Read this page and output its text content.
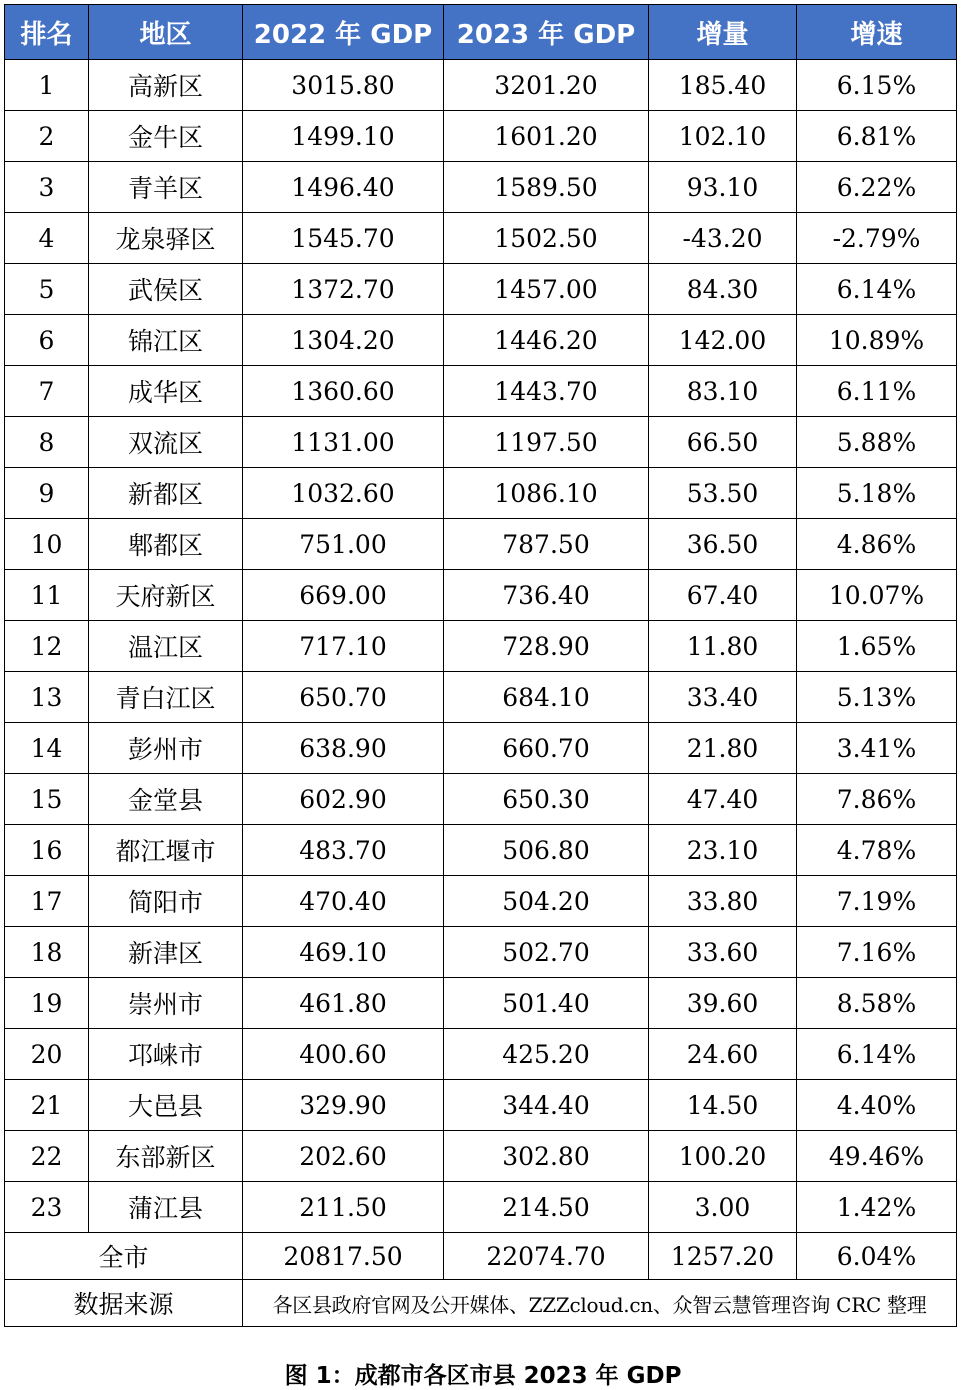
排名	地区	2022 年 GDP	2023 年 GDP	增量	增速
1	高新区	3015.80	3201.20	185.40	6.15%
2	金牛区	1499.10	1601.20	102.10	6.81%
3	青羊区	1496.40	1589.50	93.10	6.22%
4	龙泉驿区	1545.70	1502.50	-43.20	-2.79%
5	武侯区	1372.70	1457.00	84.30	6.14%
6	锦江区	1304.20	1446.20	142.00	10.89%
7	成华区	1360.60	1443.70	83.10	6.11%
8	双流区	1131.00	1197.50	66.50	5.88%
9	新都区	1032.60	1086.10	53.50	5.18%
10	郫都区	751.00	787.50	36.50	4.86%
11	天府新区	669.00	736.40	67.40	10.07%
12	温江区	717.10	728.90	11.80	1.65%
13	青白江区	650.70	684.10	33.40	5.13%
14	彭州市	638.90	660.70	21.80	3.41%
15	金堂县	602.90	650.30	47.40	7.86%
16	都江堰市	483.70	506.80	23.10	4.78%
17	简阳市	470.40	504.20	33.80	7.19%
18	新津区	469.10	502.70	33.60	7.16%
19	崇州市	461.80	501.40	39.60	8.58%
20	邛崃市	400.60	425.20	24.60	6.14%
21	大邑县	329.90	344.40	14.50	4.40%
22	东部新区	202.60	302.80	100.20	49.46%
23	蒲江县	211.50	214.50	3.00	1.42%
全市		20817.50	22074.70	1257.20	6.04%
数据来源		各区县政府官网及公开媒体、ZZZcloud.cn、众智云慧管理咨询 CRC 整理			
图 1：成都市各区市县 2023 年 GDP
